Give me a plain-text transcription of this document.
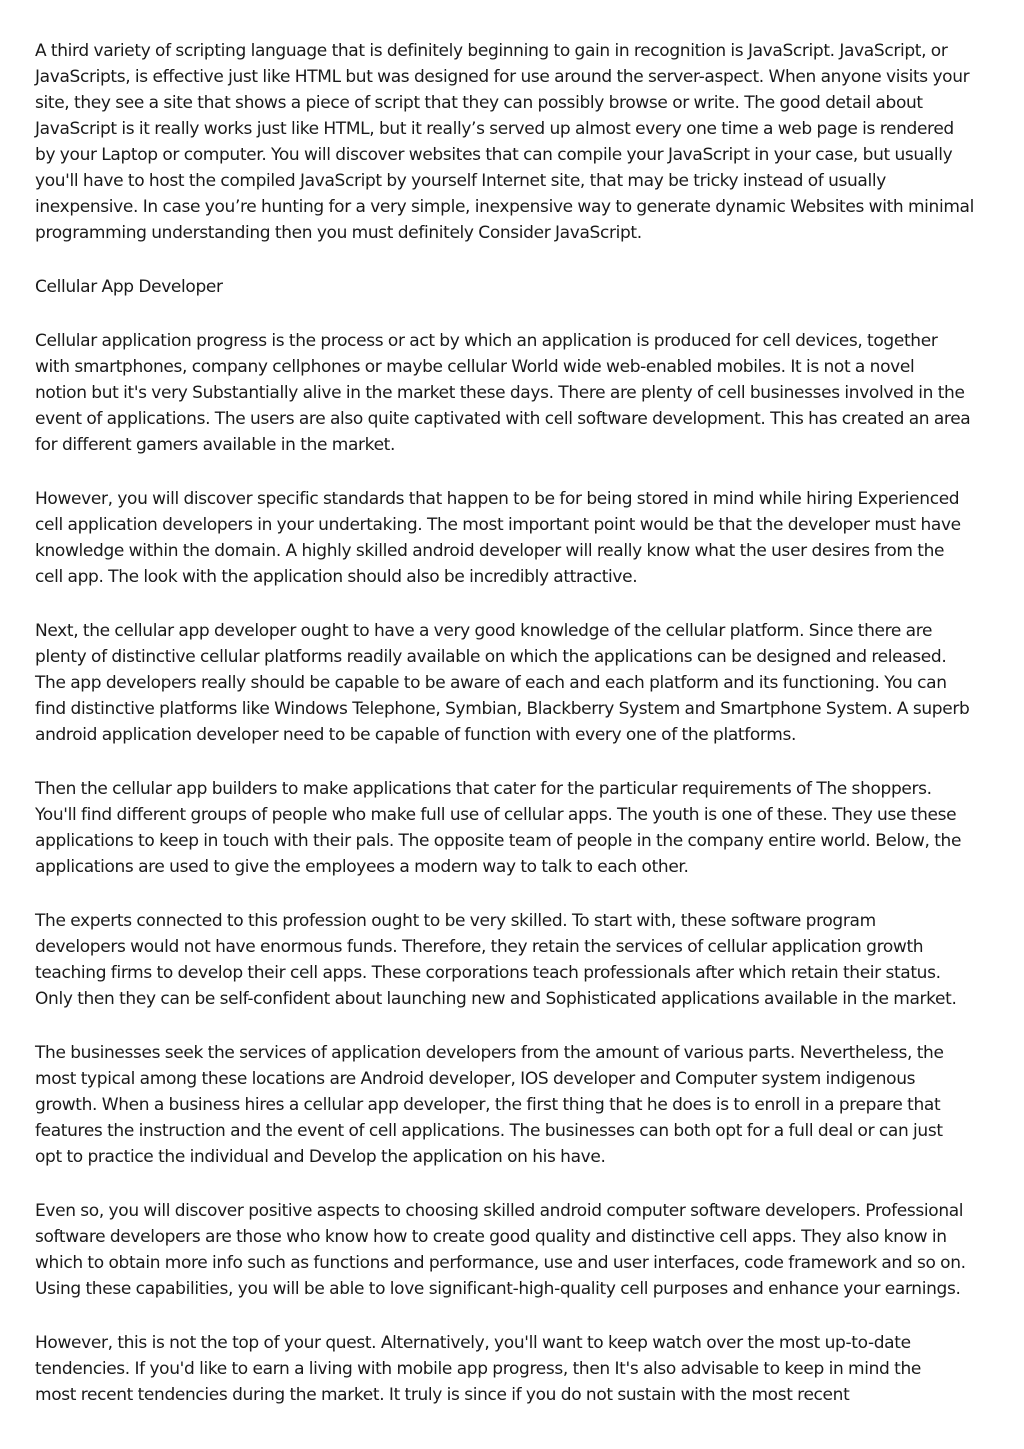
A third variety of scripting language that is definitely beginning to gain in recognition is JavaScript. JavaScript, or
JavaScripts, is effective just like HTML but was designed for use around the server-aspect. When anyone visits your
site, they see a site that shows a piece of script that they can possibly browse or write. The good detail about
JavaScript is it really works just like HTML, but it really’s served up almost every one time a web page is rendered
by your Laptop or computer. You will discover websites that can compile your JavaScript in your case, but usually
you'll have to host the compiled JavaScript by yourself Internet site, that may be tricky instead of usually
inexpensive. In case you’re hunting for a very simple, inexpensive way to generate dynamic Websites with minimal
programming understanding then you must definitely Consider JavaScript.

Cellular App Developer

Cellular application progress is the process or act by which an application is produced for cell devices, together
with smartphones, company cellphones or maybe cellular World wide web-enabled mobiles. It is not a novel
notion but it's very Substantially alive in the market these days. There are plenty of cell businesses involved in the
event of applications. The users are also quite captivated with cell software development. This has created an area
for different gamers available in the market.

However, you will discover specific standards that happen to be for being stored in mind while hiring Experienced
cell application developers in your undertaking. The most important point would be that the developer must have
knowledge within the domain. A highly skilled android developer will really know what the user desires from the
cell app. The look with the application should also be incredibly attractive.

Next, the cellular app developer ought to have a very good knowledge of the cellular platform. Since there are
plenty of distinctive cellular platforms readily available on which the applications can be designed and released.
The app developers really should be capable to be aware of each and each platform and its functioning. You can
find distinctive platforms like Windows Telephone, Symbian, Blackberry System and Smartphone System. A superb
android application developer need to be capable of function with every one of the platforms.

Then the cellular app builders to make applications that cater for the particular requirements of The shoppers.
You'll find different groups of people who make full use of cellular apps. The youth is one of these. They use these
applications to keep in touch with their pals. The opposite team of people in the company entire world. Below, the
applications are used to give the employees a modern way to talk to each other.

The experts connected to this profession ought to be very skilled. To start with, these software program
developers would not have enormous funds. Therefore, they retain the services of cellular application growth
teaching firms to develop their cell apps. These corporations teach professionals after which retain their status.
Only then they can be self-confident about launching new and Sophisticated applications available in the market.

The businesses seek the services of application developers from the amount of various parts. Nevertheless, the
most typical among these locations are Android developer, IOS developer and Computer system indigenous
growth. When a business hires a cellular app developer, the first thing that he does is to enroll in a prepare that
features the instruction and the event of cell applications. The businesses can both opt for a full deal or can just
opt to practice the individual and Develop the application on his have.

Even so, you will discover positive aspects to choosing skilled android computer software developers. Professional
software developers are those who know how to create good quality and distinctive cell apps. They also know in
which to obtain more info such as functions and performance, use and user interfaces, code framework and so on.
Using these capabilities, you will be able to love significant-high-quality cell purposes and enhance your earnings.

However, this is not the top of your quest. Alternatively, you'll want to keep watch over the most up-to-date
tendencies. If you'd like to earn a living with mobile app progress, then It's also advisable to keep in mind the
most recent tendencies during the market. It truly is since if you do not sustain with the most recent
